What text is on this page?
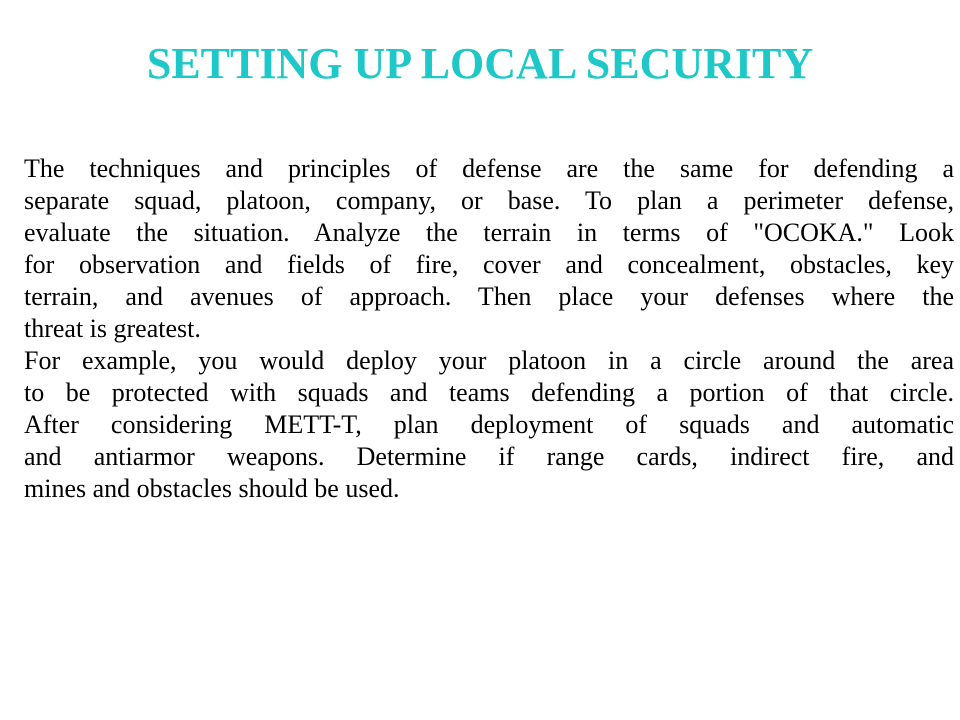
SETTING UP LOCAL SECURITY

The techniques and principles of defense are the same for defending a
separate squad, platoon, company, or base. To plan a perimeter defense,
evaluate the situation. Analyze the terrain in terms of "OCOKA." Look
for observation and fields of fire, cover and concealment, obstacles, key
terrain, and avenues of approach. Then place your defenses where the
threat is greatest.

For example, you would deploy your platoon in a circle around the area
to be protected with squads and teams defending a portion of that circle.
After considering METT-T, plan deployment of squads and automatic
and antiarmor weapons. Determine if range cards, indirect fire, and
mines and obstacles should be used.
